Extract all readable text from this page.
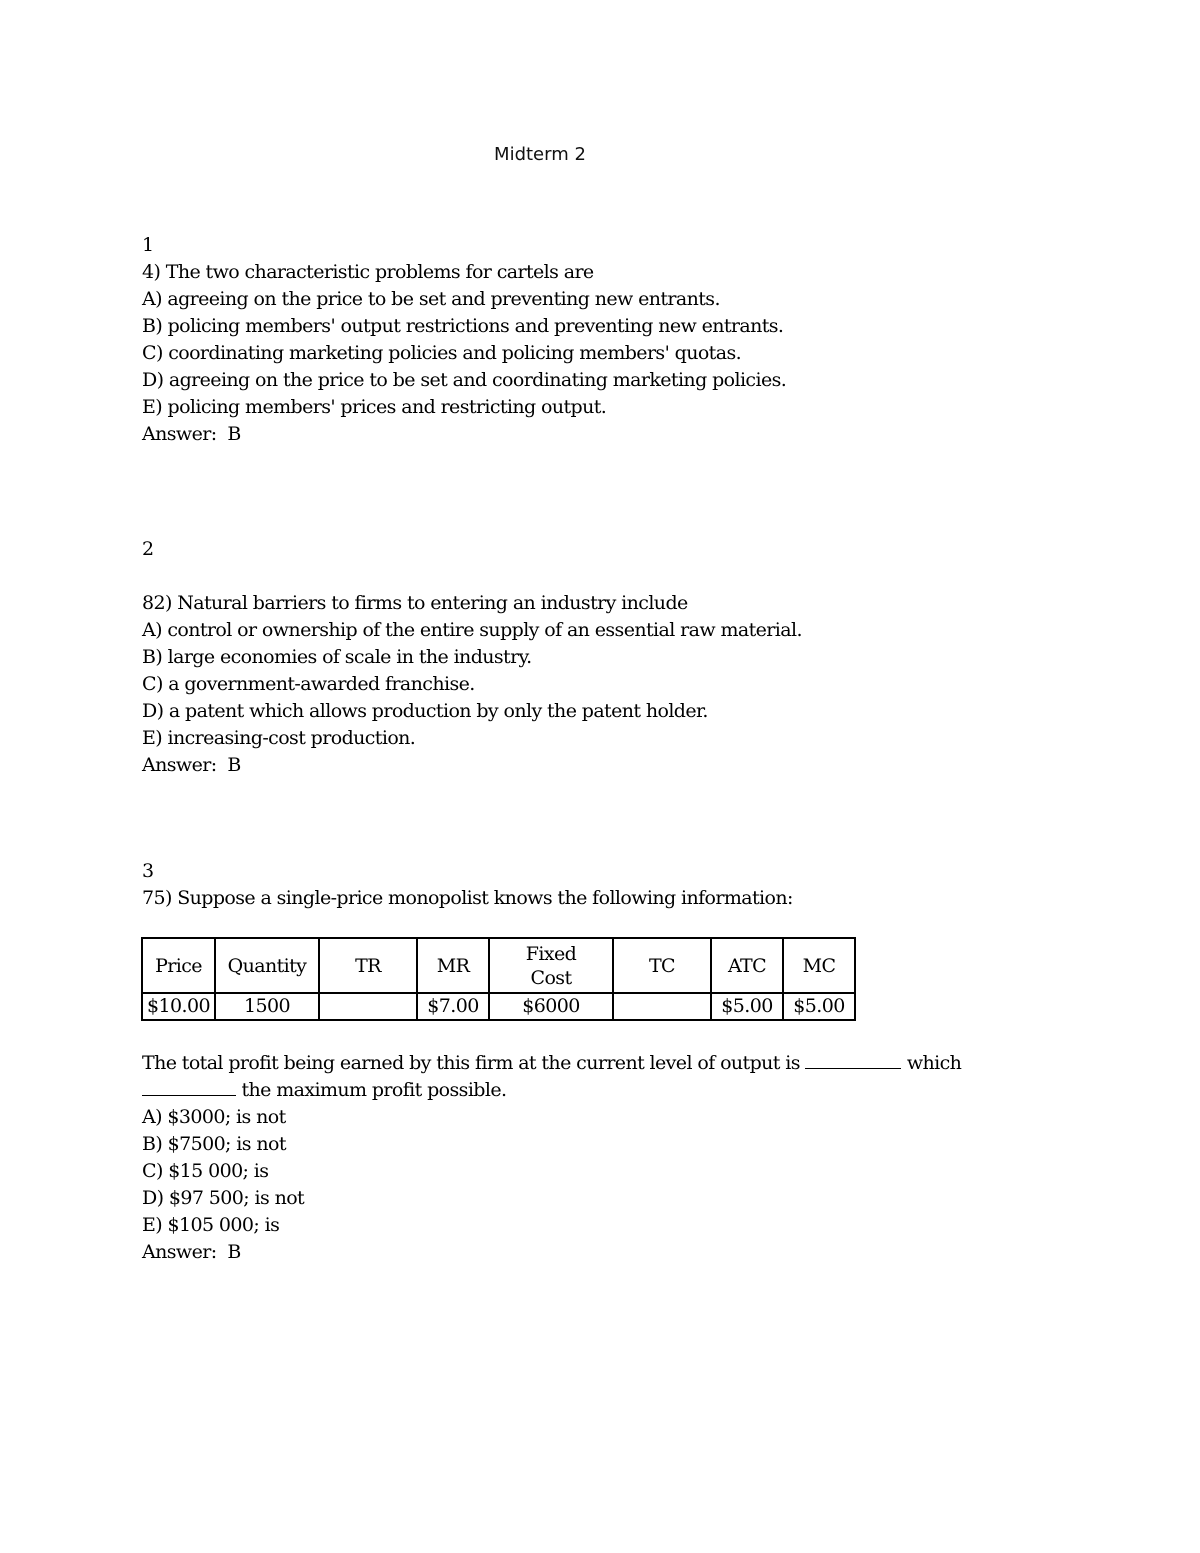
Midterm 2
1
4) The two characteristic problems for cartels are
A) agreeing on the price to be set and preventing new entrants.
B) policing members' output restrictions and preventing new entrants.
C) coordinating marketing policies and policing members' quotas.
D) agreeing on the price to be set and coordinating marketing policies.
E) policing members' prices and restricting output.
Answer:  B
2
82) Natural barriers to firms to entering an industry include
A) control or ownership of the entire supply of an essential raw material.
B) large economies of scale in the industry.
C) a government-awarded franchise.
D) a patent which allows production by only the patent holder.
E) increasing-cost production.
Answer:  B
3
75) Suppose a single-price monopolist knows the following information:
Price	Quantity	TR	MR	Fixed Cost	TC	ATC	MC
$10.00	1500		$7.00	$6000		$5.00	$5.00
The total profit being earned by this firm at the current level of output is	which
the maximum profit possible.
A) $3000; is not
B) $7500; is not
C) $15 000; is
D) $97 500; is not
E) $105 000; is
Answer:  B
